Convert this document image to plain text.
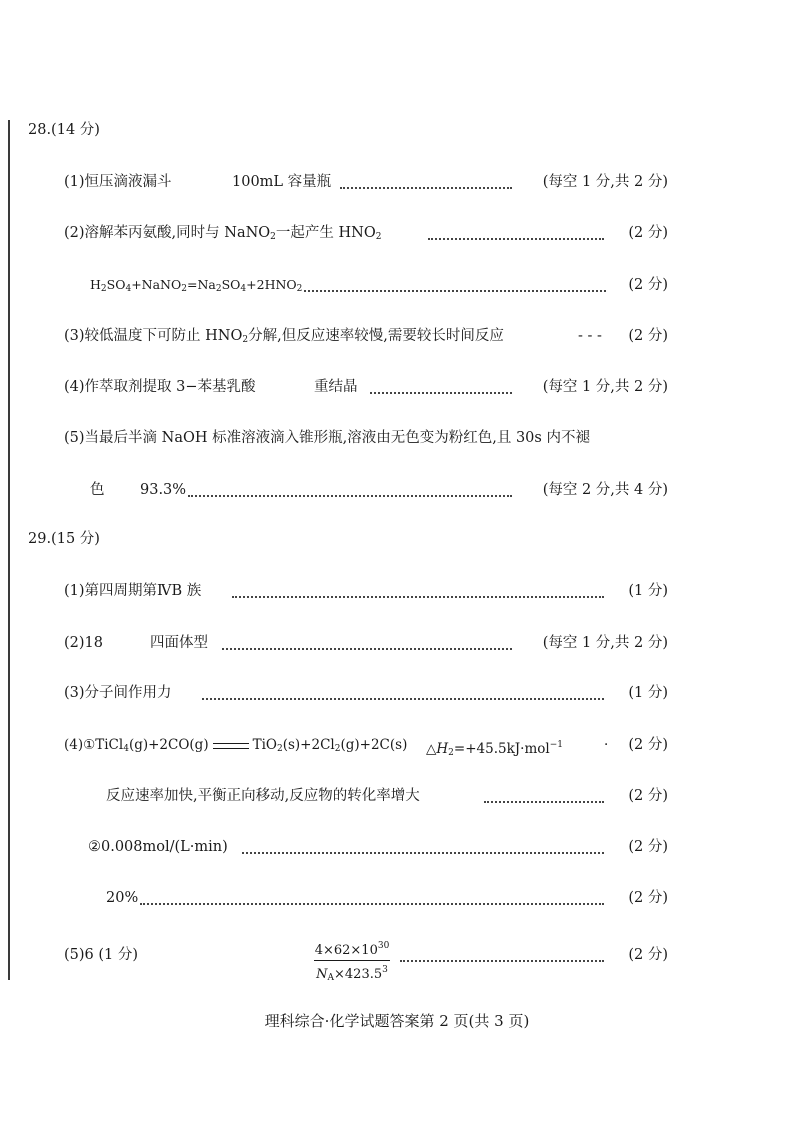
28.(14 分)
(1)恒压滴液漏斗	100mL 容量瓶	(每空 1 分,共 2 分)
(2)溶解苯丙氨酸,同时与 NaNO$_2$一起产生 $HNO_2$	(2 分)
$H_2SO_4+NaNO_2=Na_2SO_4+2HNO_2$	(2 分)
(3)较低温度下可防止 $HNO_2$分解,但反应速率较慢,需要较长时间反应	- - -	(2 分)
(4)作萃取剂提取 3−苯基乳酸	重结晶	(每空 1 分,共 2 分)
(5)当最后半滴 NaOH 标准溶液滴入锥形瓶,溶液由无色变为粉红色,且 30s 内不褪
色 93.3%	(每空 2 分,共 4 分)
29.(15 分)
(1)第四周期第ⅣB 族	(1 分)
(2)18	四面体型	(每空 1 分,共 2 分)
(3)分子间作用力	(1 分)
(4)①TiCl$_4$(g)+2CO(g)	$TiO_2(s)+2Cl_2(g)+2C(s)$ $\triangle H_2=+45.5kJ\cdot mol^{-1}$	·	(2 分)
反应速率加快,平衡正向移动,反应物的转化率增大	(2 分)
②0.008mol/(L·min)	(2 分)
20%	(2 分)
(5)6 (1 分)	(2 分)
$4\times 62\times 10^{30}$
$N_A\times 423.5^3$
理科综合·化学试题答案第 2 页(共 3 页)
